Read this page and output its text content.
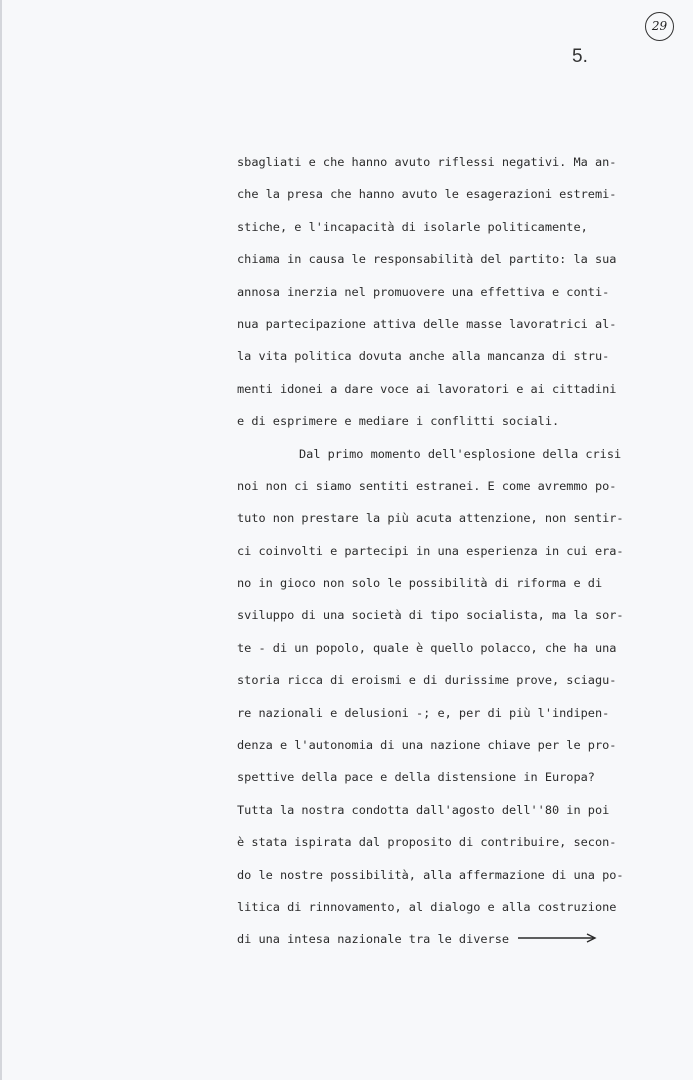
29
5.
sbagliati e che hanno avuto riflessi negativi. Ma an-
che la presa che hanno avuto le esagerazioni estremi-
stiche, e l'incapacità di isolarle politicamente,
chiama in causa le responsabilità del partito: la sua
annosa inerzia nel promuovere una effettiva e conti-
nua partecipazione attiva delle masse lavoratrici al-
la vita politica dovuta anche alla mancanza di stru-
menti idonei a dare voce ai lavoratori e ai cittadini
e di esprimere e mediare i conflitti sociali.
Dal primo momento dell'esplosione della crisi
noi non ci siamo sentiti estranei. E come avremmo po-
tuto non prestare la più acuta attenzione, non sentir-
ci coinvolti e partecipi in una esperienza in cui era-
no in gioco non solo le possibilità di riforma e di
sviluppo di una società di tipo socialista, ma la sor-
te - di un popolo, quale è quello polacco, che ha una
storia ricca di eroismi e di durissime prove, sciagu-
re nazionali e delusioni -; e, per di più l'indipen-
denza e l'autonomia di una nazione chiave per le pro-
spettive della pace e della distensione in Europa?
Tutta la nostra condotta dall'agosto dell''80 in poi
è stata ispirata dal proposito di contribuire, secon-
do le nostre possibilità, alla affermazione di una po-
litica di rinnovamento, al dialogo e alla costruzione
di una intesa nazionale tra le diverse
